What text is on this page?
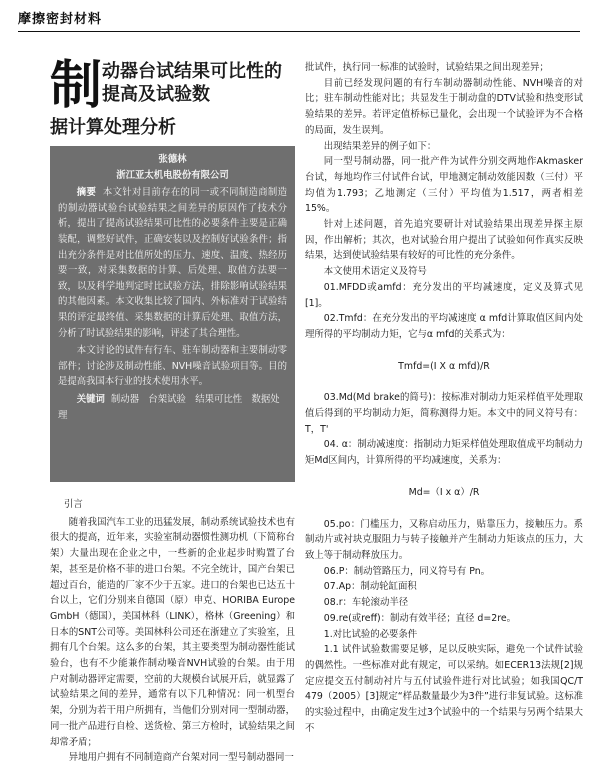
摩擦密封材料
制 动器台试结果可比性的提高及试验数
据计算处理分析
张德林
浙江亚太机电股份有限公司
摘要 本文针对目前存在的同一或不同制造商制造的制动器试验台试验结果之间差异的原因作了技术分析，提出了提高试验结果可比性的必要条件主要是正确装配，调整好试件，正确安装以及控制好试验条件；指出充分条件是对比值所处的压力、速度、温度、热经历要一致，对采集数据的计算、后处理、取值方法要一致，以及科学地判定时比试验方法，排除影响试验结果的其他因素。本文收集比较了国内、外标准对于试验结果的评定最终值、采集数据的计算后处理、取值方法，分析了时试验结果的影响，评述了其合理性。
本文讨论的试件有行车、驻车制动器和主要制动零部件；讨论涉及制动性能、NVH噪音试验项目等。目的是提高我国本行业的技术使用水平。
关键词 制动器　台架试验　结果可比性　数据处理
引言
随着我国汽车工业的迅猛发展，制动系统试验技术也有很大的提高，近年来，实验室制动器惯性测功机（下简称台架）大量出现在企业之中，一些新的企业起步时购置了台架，甚至是价格不菲的进口台架。不完全统计，国产台架已超过百台，能造的厂家不少于五家。进口的台架也已达五十台以上，它们分别来自德国（原）申克、HORIBA Europe GmbH（德国），美国林科（LINK），格林（Greening）和日本的SNT公司等。美国林科公司还在浙建立了实验室，且拥有几个台架。这么多的台架，其主要类型为制动器性能试验台，也有不少能兼作制动噪音NVH试验的台架。由于用户对制动器评定需要，空前的大规模台试展开后，就显露了试验结果之间的差异，通常有以下几种情况：同一机型台架，分别为若干用户所拥有，当他们分别对同一型制动器，同一批产品进行自检、送货检、第三方检时，试验结果之间却常矛盾；
异地用户拥有不同制造商产台架对同一型号制动器同一
批试件，执行同一标准的试验时，试验结果之间出现差异；
目前已经发现问题的有行车制动器制动性能、NVH噪音的对比；驻车制动性能对比；共显发生于制动盘的DTV试验和热变形试验结果的差异。若评定值桥标已量化，会出现一个试验评为不合格的局面，发生误判。
出现结果差异的例子如下：
同一型号制动器，同一批产件为试件分别交两地作Akmasker台试，每地均作三付试件台试，甲地测定制动效能因数（三付）平均值为1.793；乙地测定（三付）平均值为1.517，两者相差15%。
针对上述问题，首先追究要研计对试验结果出现差异探主原因，作出解析；其次，也对试验台用户提出了试验如何作真实反映结果，达到使试验结果有较好的可比性的充分条件。
本文使用术语定义及符号
01.MFDD或amfd：充分发出的平均减速度，定义及算式见[1]。
02.Tmfd：在充分发出的平均减速度 α mfd计算取值区间内处理所得的平均制动力矩，它与α mfd的关系式为：
Tmfd=(I X α mfd)/R
03.Md(Md brake的简号)：按标准对制动力矩采样值平处理取值后得到的平均制动力矩，简称测得力矩。本文中的同义符号有：T，T'
04. α：制动减速度：指制动力矩采样值处理取值成平均制动力矩Md区间内，计算所得的平均减速度，关系为：
Md=（I x α）/R
05.po：门槛压力，又称启动压力，贴靠压力，接触压力。系制动片或衬块克服阻力与转子接触并产生制动力矩该点的压力，大致上等于制动释放压力。
06.P：制动管路压力，同义符号有 Pn。
07.Ap：制动轮缸面积
08.r：车轮滚动半径
09.re(或reff)：制动有效半径；直径 d=2re。
1.对比试验的必要条件
1.1 试件试验数需要足够，足以反映实际，避免一个试件试验的偶然性。一些标准对此有规定，可以采纳。如ECER13法规[2]规定应提交五付制动衬片与五付试验件进行对比试验；如我国QC/T 479（2005）[3]规定“样品数量最少为3件”进行非复试验。这标准的实验过程中，由确定发生过3个试验中的一个结果与另两个结果大不
